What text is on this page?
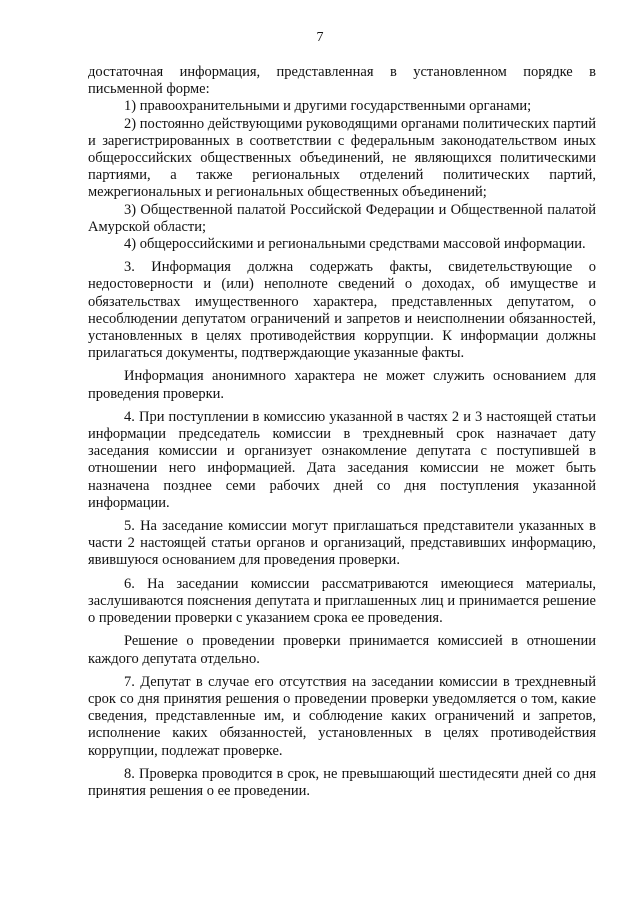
7

достаточная информация, представленная в установленном порядке в письменной форме:

1) правоохранительными и другими государственными органами;

2) постоянно действующими руководящими органами политических партий и зарегистрированных в соответствии с федеральным законодательством иных общероссийских общественных объединений, не являющихся политическими партиями, а также региональных отделений политических партий, межрегиональных и региональных общественных объединений;

3) Общественной палатой Российской Федерации и Общественной палатой Амурской области;

4) общероссийскими и региональными средствами массовой информации.

3. Информация должна содержать факты, свидетельствующие о недостоверности и (или) неполноте сведений о доходах, об имуществе и обязательствах имущественного характера, представленных депутатом, о несоблюдении депутатом ограничений и запретов и неисполнении обязанностей, установленных в целях противодействия коррупции. К информации должны прилагаться документы, подтверждающие указанные факты.

Информация анонимного характера не может служить основанием для проведения проверки.

4. При поступлении в комиссию указанной в частях 2 и 3 настоящей статьи информации председатель комиссии в трехдневный срок назначает дату заседания комиссии и организует ознакомление депутата с поступившей в отношении него информацией. Дата заседания комиссии не может быть назначена позднее семи рабочих дней со дня поступления указанной информации.

5. На заседание комиссии могут приглашаться представители указанных в части 2 настоящей статьи органов и организаций, представивших информацию, явившуюся основанием для проведения проверки.

6. На заседании комиссии рассматриваются имеющиеся материалы, заслушиваются пояснения депутата и приглашенных лиц и принимается решение о проведении проверки с указанием срока ее проведения.

Решение о проведении проверки принимается комиссией в отношении каждого депутата отдельно.

7. Депутат в случае его отсутствия на заседании комиссии в трехдневный срок со дня принятия решения о проведении проверки уведомляется о том, какие сведения, представленные им, и соблюдение каких ограничений и запретов, исполнение каких обязанностей, установленных в целях противодействия коррупции, подлежат проверке.

8. Проверка проводится в срок, не превышающий шестидесяти дней со дня принятия решения о ее проведении.
